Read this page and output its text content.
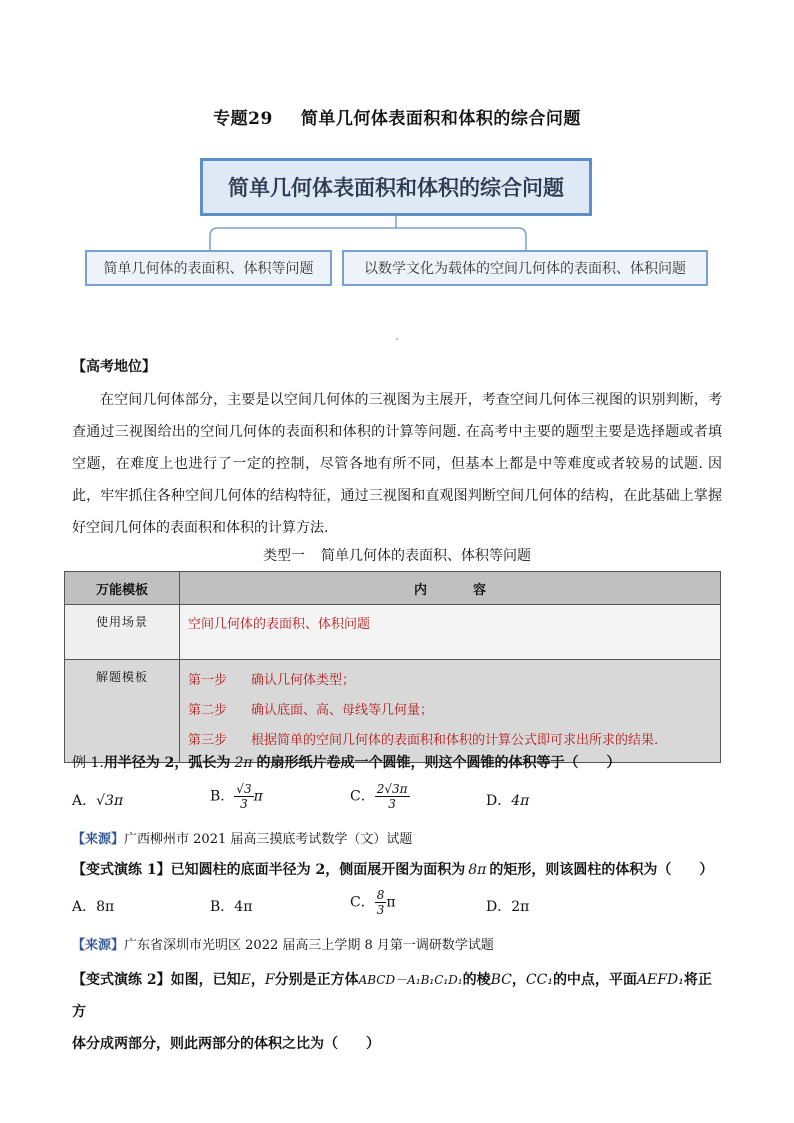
专题29 简单几何体表面积和体积的综合问题
简单几何体表面积和体积的综合问题
简单几何体的表面积、体积等问题	以数学文化为载体的空间几何体的表面积、体积问题
【高考地位】
在空间几何体部分，主要是以空间几何体的三视图为主展开，考查空间几何体三视图的识别判断，考查通过三视图给出的空间几何体的表面积和体积的计算等问题. 在高考中主要的题型主要是选择题或者填空题，在难度上也进行了一定的控制，尽管各地有所不同，但基本上都是中等难度或者较易的试题. 因此，牢牢抓住各种空间几何体的结构特征，通过三视图和直观图判断空间几何体的结构，在此基础上掌握好空间几何体的表面积和体积的计算方法.
类型一 简单几何体的表面积、体积等问题
万能模板	内 容
使用场景	空间几何体的表面积、体积问题
解题模板	第一步 确认几何体类型；
第二步 确认底面、高、母线等几何量；
第三步 根据简单的空间几何体的表面积和体积的计算公式即可求出所求的结果.
例 1.用半径为 2，弧长为 2π 的扇形纸片卷成一个圆锥，则这个圆锥的体积等于（　　）
A．√3π	B． $\frac{√3}{3}$ π	C． $\frac{2√3\pi}{3}$	D．4π
【来源】广西柳州市 2021 届高三摸底考试数学（文）试题
【变式演练 1】已知圆柱的底面半径为 2，侧面展开图为面积为 8π 的矩形，则该圆柱的体积为（　　）
A．8π	B．4π	C． $\frac{8}{3}$ π	D．2π
【来源】广东省深圳市光明区 2022 届高三上学期 8 月第一调研数学试题
【变式演练 2】如图，已知E，F分别是正方体ABCD－A₁B₁C₁D₁的棱BC，CC₁的中点，平面AEFD₁将正方
体分成两部分，则此两部分的体积之比为（　　）
